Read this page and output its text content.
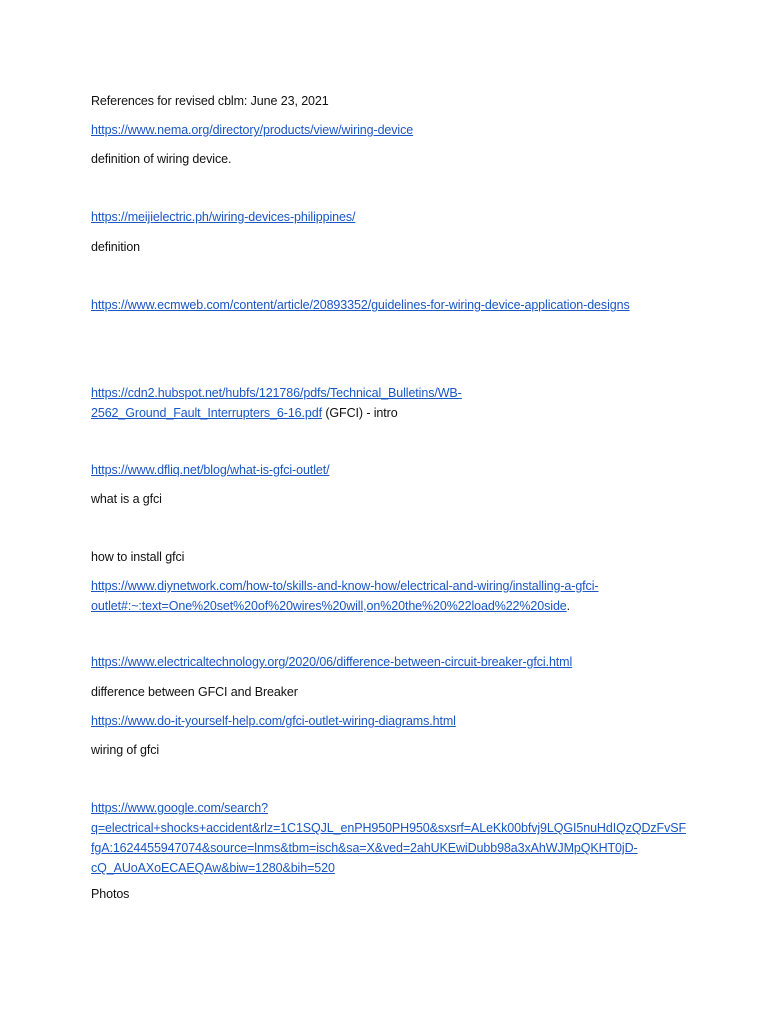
References for revised cblm: June 23, 2021
https://www.nema.org/directory/products/view/wiring-device
definition of wiring device.
https://meijielectric.ph/wiring-devices-philippines/
definition
https://www.ecmweb.com/content/article/20893352/guidelines-for-wiring-device-application-designs
https://cdn2.hubspot.net/hubfs/121786/pdfs/Technical_Bulletins/WB-
2562_Ground_Fault_Interrupters_6-16.pdf (GFCI) - intro
https://www.dfliq.net/blog/what-is-gfci-outlet/
what is a gfci
how to install gfci
https://www.diynetwork.com/how-to/skills-and-know-how/electrical-and-wiring/installing-a-gfci-
outlet#:~:text=One%20set%20of%20wires%20will,on%20the%20%22load%22%20side.
https://www.electricaltechnology.org/2020/06/difference-between-circuit-breaker-gfci.html
difference between GFCI and Breaker
https://www.do-it-yourself-help.com/gfci-outlet-wiring-diagrams.html
wiring of gfci
https://www.google.com/search?
q=electrical+shocks+accident&rlz=1C1SQJL_enPH950PH950&sxsrf=ALeKk00bfvj9LQGI5nuHdIQzQDzFvSF
fgA:1624455947074&source=lnms&tbm=isch&sa=X&ved=2ahUKEwiDubb98a3xAhWJMpQKHT0jD-
cQ_AUoAXoECAEQAw&biw=1280&bih=520
Photos
